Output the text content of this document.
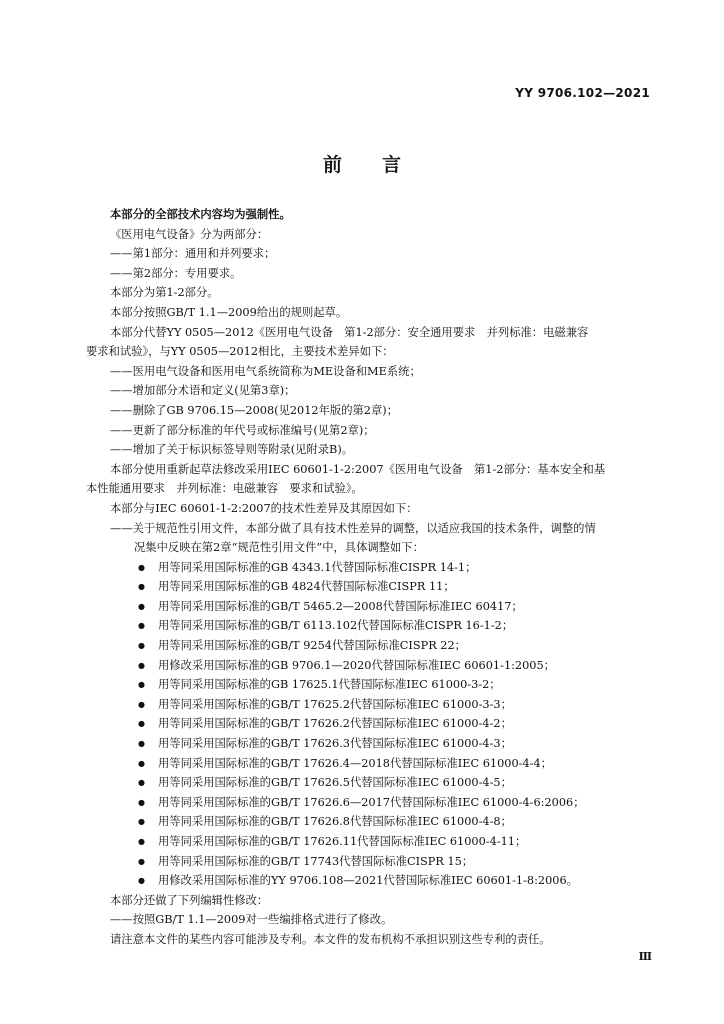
YY 9706.102—2021
前言
本部分的全部技术内容均为强制性。
《医用电气设备》分为两部分：
——第1部分：通用和并列要求；
——第2部分：专用要求。
本部分为第1-2部分。
本部分按照GB/T 1.1—2009给出的规则起草。
本部分代替YY 0505—2012《医用电气设备　第1-2部分：安全通用要求　并列标准：电磁兼容
要求和试验》，与YY 0505—2012相比，主要技术差异如下：
——医用电气设备和医用电气系统简称为ME设备和ME系统；
——增加部分术语和定义(见第3章)；
——删除了GB 9706.15—2008(见2012年版的第2章)；
——更新了部分标准的年代号或标准编号(见第2章)；
——增加了关于标识标签导则等附录(见附录B)。
本部分使用重新起草法修改采用IEC 60601-1-2:2007《医用电气设备　第1-2部分：基本安全和基
本性能通用要求　并列标准：电磁兼容　要求和试验》。
本部分与IEC 60601-1-2:2007的技术性差异及其原因如下：
——关于规范性引用文件，本部分做了具有技术性差异的调整，以适应我国的技术条件，调整的情
况集中反映在第2章“规范性引用文件”中，具体调整如下：
● 用等同采用国际标准的GB 4343.1代替国际标准CISPR 14-1；
● 用等同采用国际标准的GB 4824代替国际标准CISPR 11；
● 用等同采用国际标准的GB/T 5465.2—2008代替国际标准IEC 60417；
● 用等同采用国际标准的GB/T 6113.102代替国际标准CISPR 16-1-2；
● 用等同采用国际标准的GB/T 9254代替国际标准CISPR 22；
● 用修改采用国际标准的GB 9706.1—2020代替国际标准IEC 60601-1:2005；
● 用等同采用国际标准的GB 17625.1代替国际标准IEC 61000-3-2；
● 用等同采用国际标准的GB/T 17625.2代替国际标准IEC 61000-3-3；
● 用等同采用国际标准的GB/T 17626.2代替国际标准IEC 61000-4-2；
● 用等同采用国际标准的GB/T 17626.3代替国际标准IEC 61000-4-3；
● 用等同采用国际标准的GB/T 17626.4—2018代替国际标准IEC 61000-4-4；
● 用等同采用国际标准的GB/T 17626.5代替国际标准IEC 61000-4-5；
● 用等同采用国际标准的GB/T 17626.6—2017代替国际标准IEC 61000-4-6:2006；
● 用等同采用国际标准的GB/T 17626.8代替国际标准IEC 61000-4-8；
● 用等同采用国际标准的GB/T 17626.11代替国际标准IEC 61000-4-11；
● 用等同采用国际标准的GB/T 17743代替国际标准CISPR 15；
● 用修改采用国际标准的YY 9706.108—2021代替国际标准IEC 60601-1-8:2006。
本部分还做了下列编辑性修改：
——按照GB/T 1.1—2009对一些编排格式进行了修改。
请注意本文件的某些内容可能涉及专利。本文件的发布机构不承担识别这些专利的责任。
Ⅲ
